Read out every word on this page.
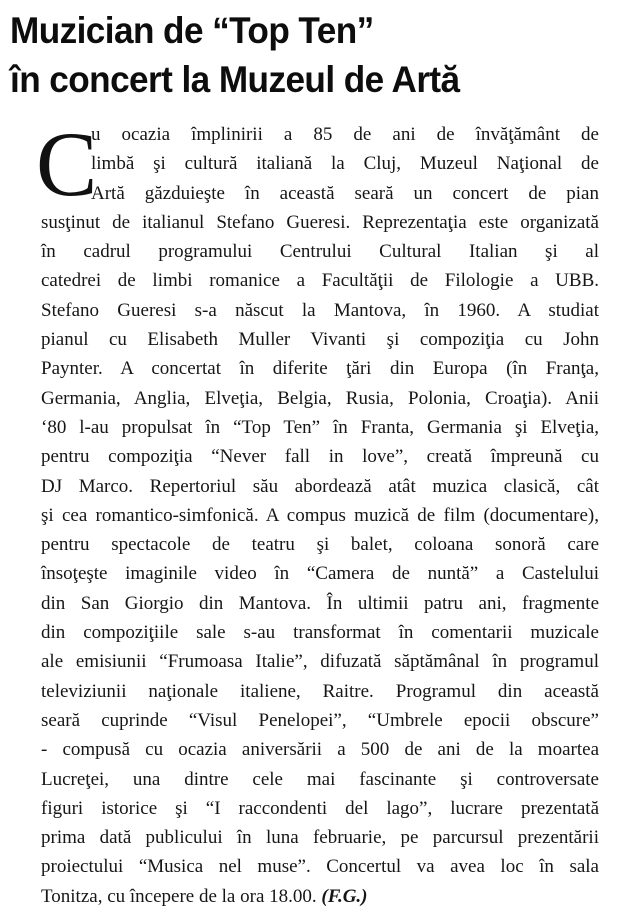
Muzician de “Top Ten”
în concert la Muzeul de Artă
C
u ocazia împlinirii a 85 de ani de învăţământ de
limbă şi cultură italiană la Cluj, Muzeul Naţional de
Artă găzduieşte în această seară un concert de pian
susţinut de italianul Stefano Gueresi. Reprezentaţia este organizată
în cadrul programului Centrului Cultural Italian şi al
catedrei de limbi romanice a Facultăţii de Filologie a UBB.
Stefano Gueresi s-a născut la Mantova, în 1960. A studiat
pianul cu Elisabeth Muller Vivanti şi compoziţia cu John
Paynter. A concertat în diferite ţări din Europa (în Franţa,
Germania, Anglia, Elveţia, Belgia, Rusia, Polonia, Croaţia). Anii
‘80 l-au propulsat în “Top Ten” în Franta, Germania şi Elveţia,
pentru compoziţia “Never fall in love”, creată împreună cu
DJ Marco. Repertoriul său abordează atât muzica clasică, cât
şi cea romantico-simfonică. A compus muzică de film (documentare),
pentru spectacole de teatru şi balet, coloana sonoră care
însoţeşte imaginile video în “Camera de nuntă” a Castelului
din San Giorgio din Mantova. În ultimii patru ani, fragmente
din compoziţiile sale s-au transformat în comentarii muzicale
ale emisiunii “Frumoasa Italie”, difuzată săptămânal în programul
televiziunii naţionale italiene, Raitre. Programul din această
seară cuprinde “Visul Penelopei”, “Umbrele epocii obscure”
- compusă cu ocazia aniversării a 500 de ani de la moartea
Lucreţei, una dintre cele mai fascinante şi controversate
figuri istorice şi “I raccondenti del lago”, lucrare prezentată
prima dată publicului în luna februarie, pe parcursul prezentării
proiectului “Musica nel muse”. Concertul va avea loc în sala
Tonitza, cu începere de la ora 18.00. (F.G.)
